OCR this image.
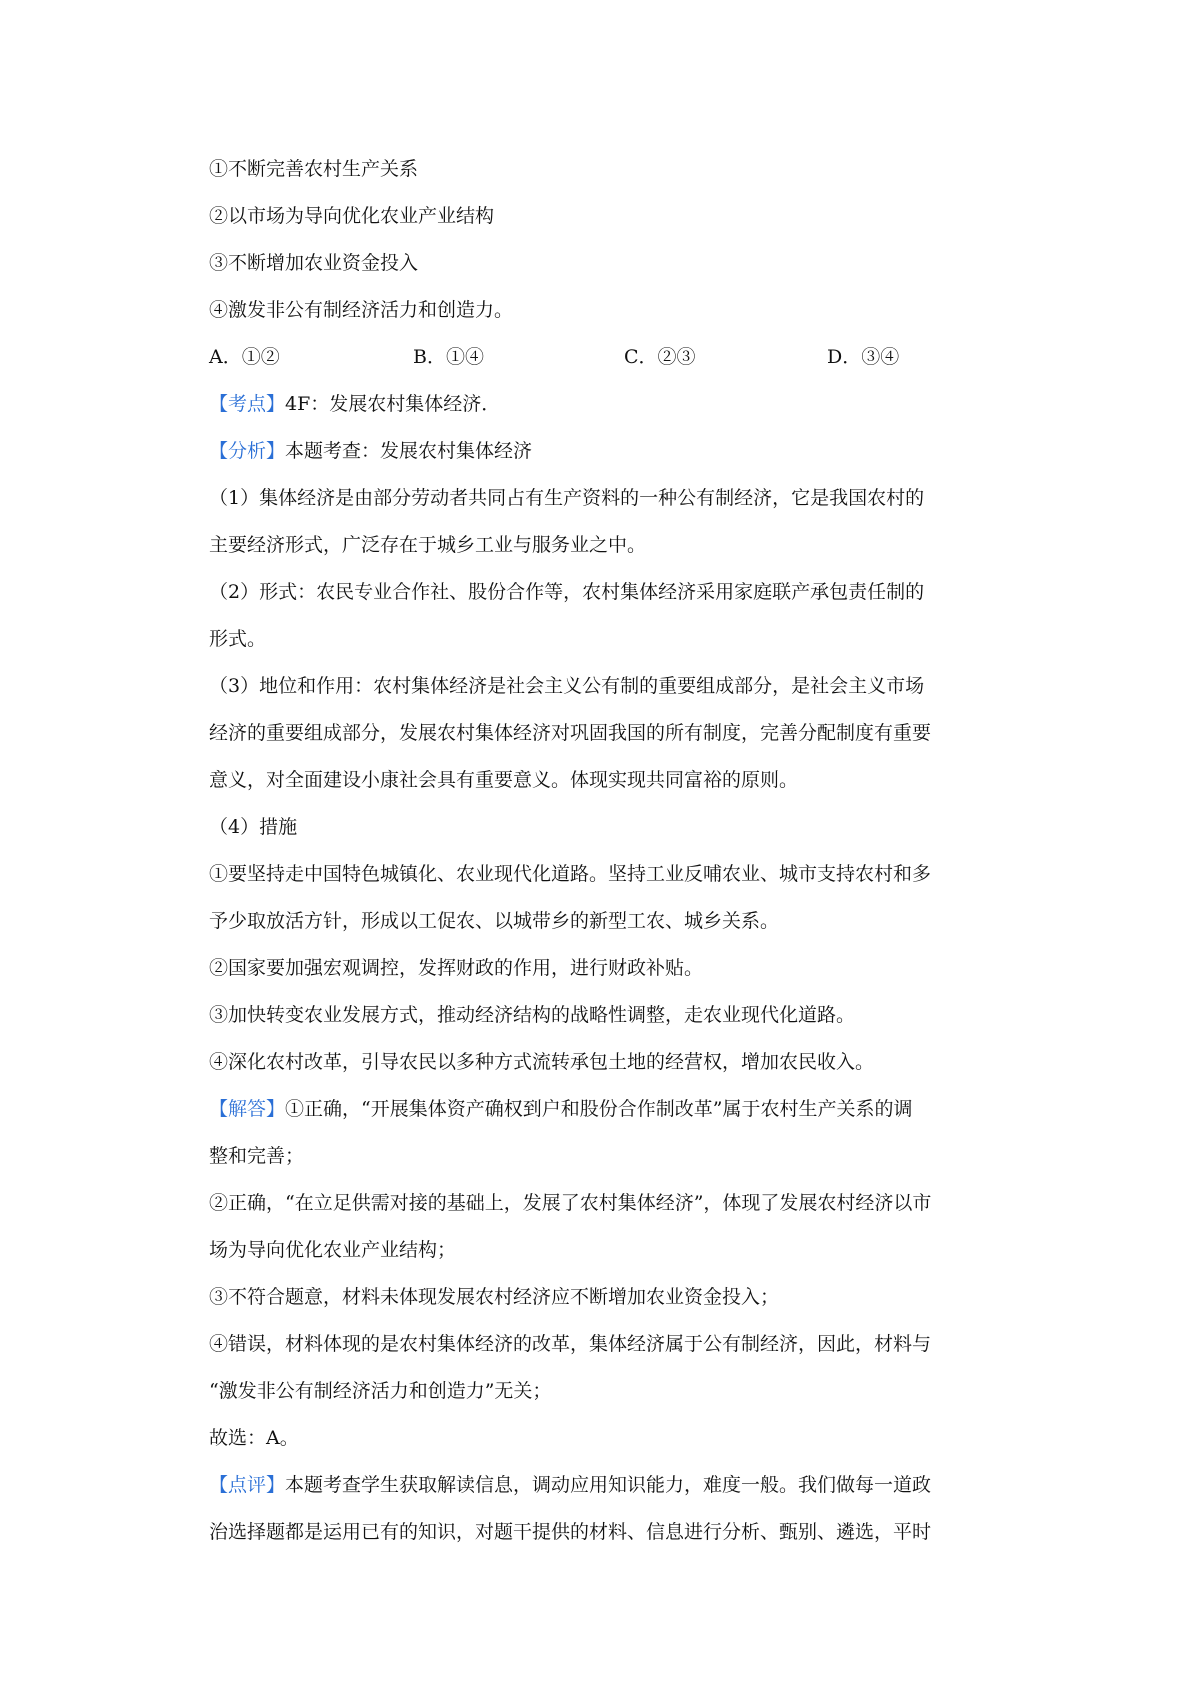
①不断完善农村生产关系
②以市场为导向优化农业产业结构
③不断增加农业资金投入
④激发非公有制经济活力和创造力。
A．①②	B．①④	C．②③	D．③④
【考点】4F：发展农村集体经济．
【分析】本题考查：发展农村集体经济
（1）集体经济是由部分劳动者共同占有生产资料的一种公有制经济，它是我国农村的
主要经济形式，广泛存在于城乡工业与服务业之中。
（2）形式：农民专业合作社、股份合作等，农村集体经济采用家庭联产承包责任制的
形式。
（3）地位和作用：农村集体经济是社会主义公有制的重要组成部分，是社会主义市场
经济的重要组成部分，发展农村集体经济对巩固我国的所有制度，完善分配制度有重要
意义，对全面建设小康社会具有重要意义。体现实现共同富裕的原则。
（4）措施
①要坚持走中国特色城镇化、农业现代化道路。坚持工业反哺农业、城市支持农村和多
予少取放活方针，形成以工促农、以城带乡的新型工农、城乡关系。
②国家要加强宏观调控，发挥财政的作用，进行财政补贴。
③加快转变农业发展方式，推动经济结构的战略性调整，走农业现代化道路。
④深化农村改革，引导农民以多种方式流转承包土地的经营权，增加农民收入。
【解答】①正确，“开展集体资产确权到户和股份合作制改革”属于农村生产关系的调
整和完善；
②正确，“在立足供需对接的基础上，发展了农村集体经济”，体现了发展农村经济以市
场为导向优化农业产业结构；
③不符合题意，材料未体现发展农村经济应不断增加农业资金投入；
④错误，材料体现的是农村集体经济的改革，集体经济属于公有制经济，因此，材料与
“激发非公有制经济活力和创造力”无关；
故选：A。
【点评】本题考查学生获取解读信息，调动应用知识能力，难度一般。我们做每一道政
治选择题都是运用已有的知识，对题干提供的材料、信息进行分析、甄别、遴选，平时
